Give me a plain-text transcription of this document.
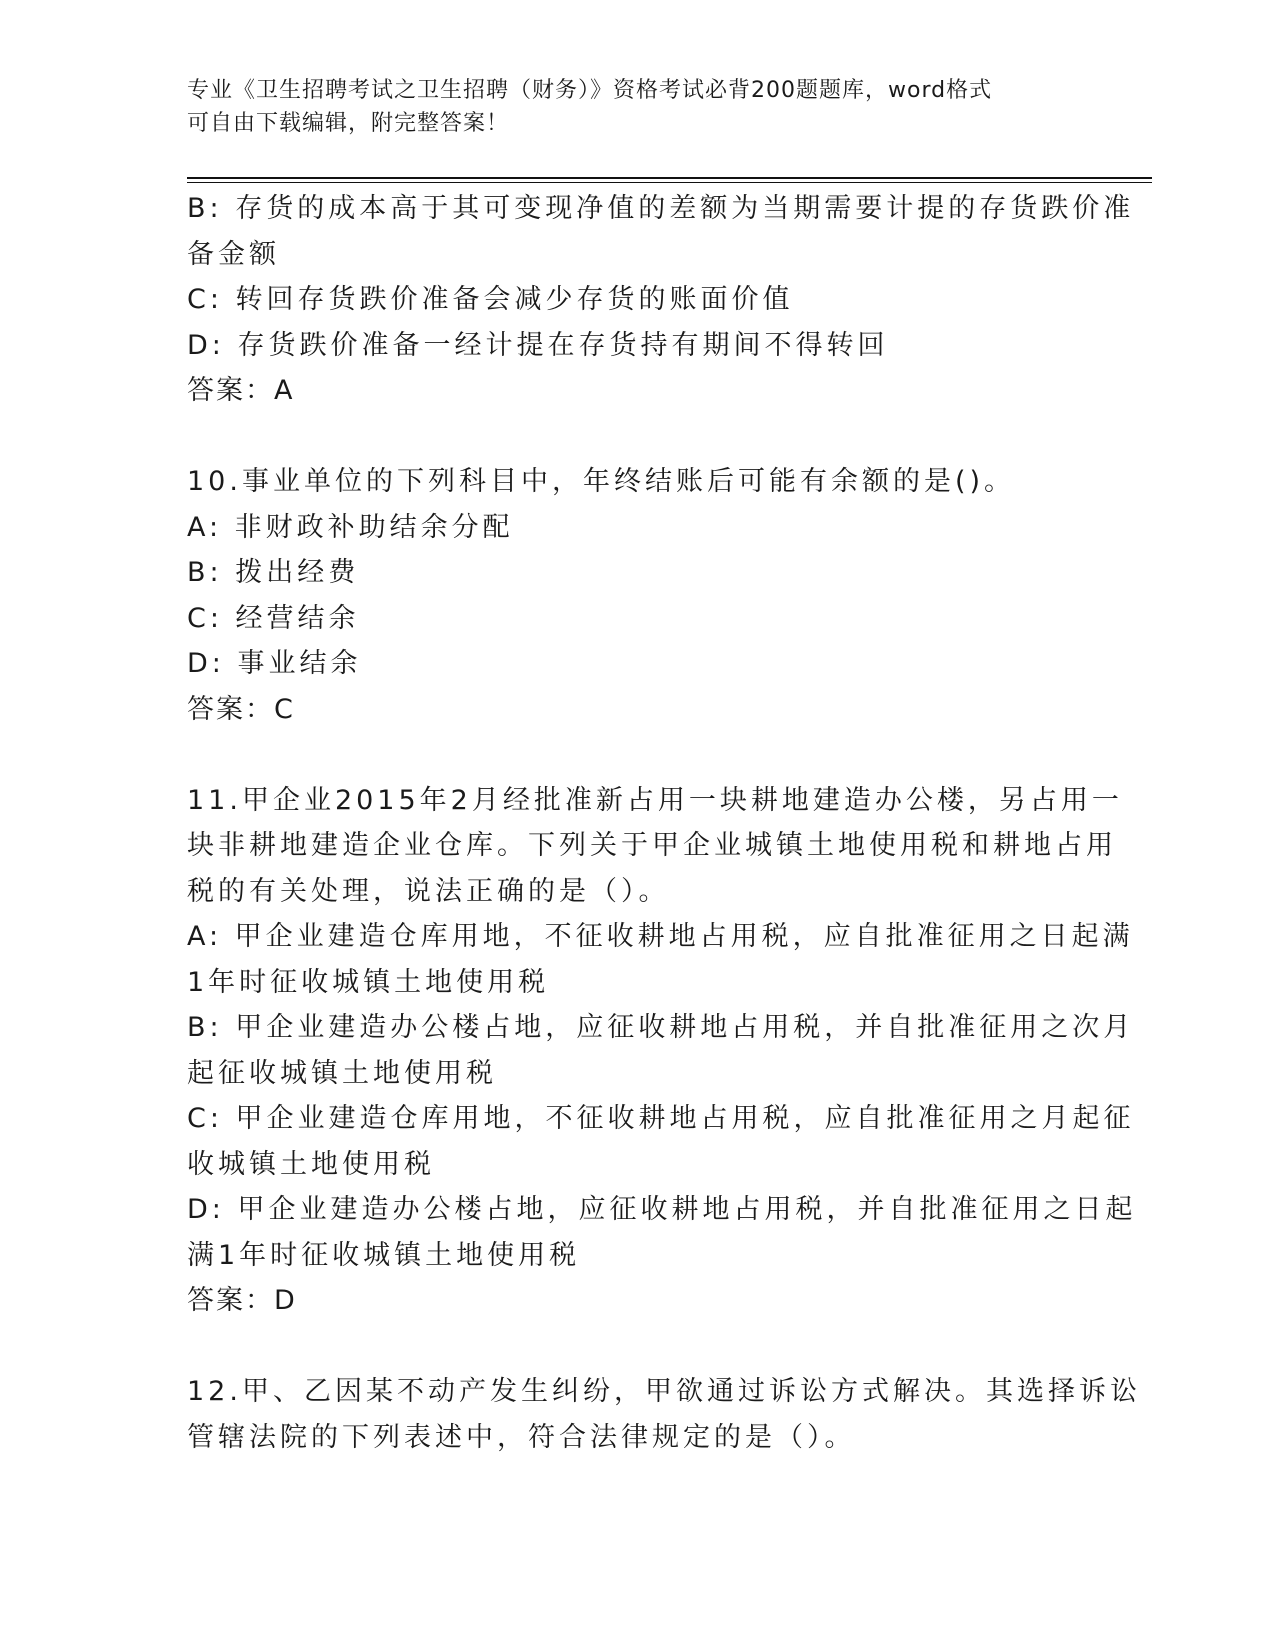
专业《卫生招聘考试之卫生招聘（财务）》资格考试必背200题题库，word格式
可自由下载编辑，附完整答案！
B: 存货的成本高于其可变现净值的差额为当期需要计提的存货跌价准
备金额
C: 转回存货跌价准备会减少存货的账面价值
D: 存货跌价准备一经计提在存货持有期间不得转回
答案：A
10.事业单位的下列科目中，年终结账后可能有余额的是()。
A: 非财政补助结余分配
B: 拨出经费
C: 经营结余
D: 事业结余
答案：C
11.甲企业2015年2月经批准新占用一块耕地建造办公楼，另占用一
块非耕地建造企业仓库。下列关于甲企业城镇土地使用税和耕地占用
税的有关处理，说法正确的是（）。
A: 甲企业建造仓库用地，不征收耕地占用税，应自批准征用之日起满
1年时征收城镇土地使用税
B: 甲企业建造办公楼占地，应征收耕地占用税，并自批准征用之次月
起征收城镇土地使用税
C: 甲企业建造仓库用地，不征收耕地占用税，应自批准征用之月起征
收城镇土地使用税
D: 甲企业建造办公楼占地，应征收耕地占用税，并自批准征用之日起
满1年时征收城镇土地使用税
答案：D
12.甲、乙因某不动产发生纠纷，甲欲通过诉讼方式解决。其选择诉讼
管辖法院的下列表述中，符合法律规定的是（）。
